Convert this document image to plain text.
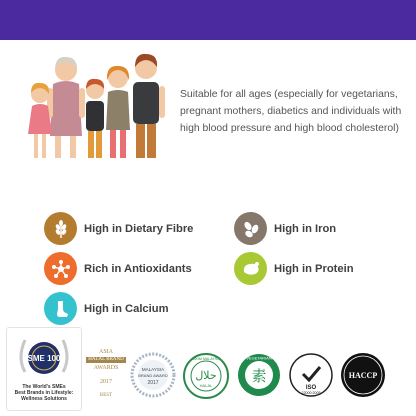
Suitable for all ages (especially for vegetarians, pregnant mothers, diabetics and individuals with high blood pressure and high blood cholesterol)
High in Dietary Fibre	High in Iron
Rich in Antioxidants	High in Protein
High in Calcium
SME 100
The World's SMEs
Best Brands in Lifestyle:
Wellness Solutions
ASIA
HALAL BRAND
AWARDS
2017
BEST
MALAYSIA
BRAND AWARD
2017
حلال
HALAL
JAKIM MALAYSIA
素
VEGETARIAN
ISO
22000:2005
HACCP
